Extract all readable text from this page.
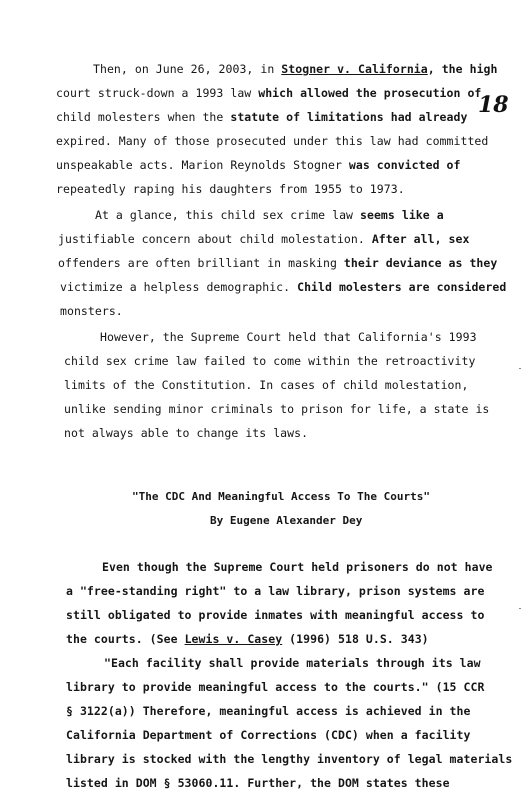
Then, on June 26, 2003, in Stogner v. California, the high
court struck-down a 1993 law which allowed the prosecution of
child molesters when the statute of limitations had already 18
expired. Many of those prosecuted under this law had committed
unspeakable acts. Marion Reynolds Stogner was convicted of
repeatedly raping his daughters from 1955 to 1973.
At a glance, this child sex crime law seems like a
justifiable concern about child molestation. After all, sex
offenders are often brilliant in masking their deviance as they
victimize a helpless demographic. Child molesters are considered
monsters.
However, the Supreme Court held that California's 1993
child sex crime law failed to come within the retroactivity
limits of the Constitution. In cases of child molestation,
unlike sending minor criminals to prison for life, a state is
not always able to change its laws.
"The CDC And Meaningful Access To The Courts"
By Eugene Alexander Dey
Even though the Supreme Court held prisoners do not have
a "free-standing right" to a law library, prison systems are
still obligated to provide inmates with meaningful access to
the courts. (See Lewis v. Casey (1996) 518 U.S. 343)
"Each facility shall provide materials through its law
library to provide meaningful access to the courts." (15 CCR
§ 3122(a)) Therefore, meaningful access is achieved in the
California Department of Corrections (CDC) when a facility
library is stocked with the lengthy inventory of legal materials
listed in DOM § 53060.11. Further, the DOM states these
